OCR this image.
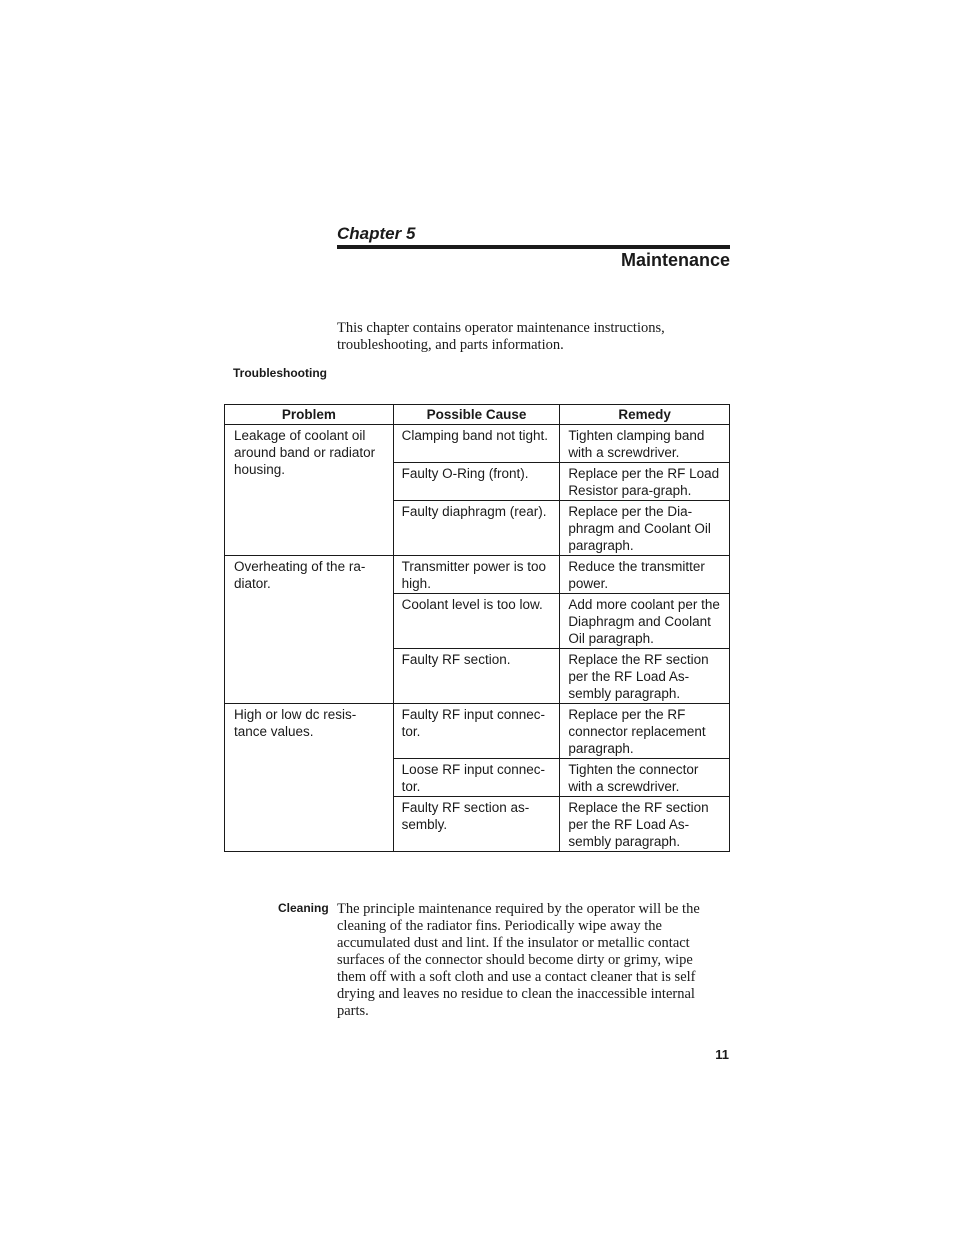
Chapter 5
Maintenance
This chapter contains operator maintenance instructions,
troubleshooting, and parts information.
Troubleshooting
Problem	Possible Cause	Remedy
Leakage of coolant oil around band or radiator housing.	Clamping band not tight.	Tighten clamping band with a screwdriver.
	Faulty O-Ring (front).	Replace per the RF Load Resistor para-graph.
	Faulty diaphragm (rear).	Replace per the Dia-phragm and Coolant Oil paragraph.
Overheating of the ra-diator.	Transmitter power is too high.	Reduce the transmitter power.
	Coolant level is too low.	Add more coolant per the Diaphragm and Coolant Oil paragraph.
	Faulty RF section.	Replace the RF section per the RF Load As-sembly paragraph.
High or low dc resis-tance values.	Faulty RF input connec-tor.	Replace per the RF connector replacement paragraph.
	Loose RF input connec-tor.	Tighten the connector with a screwdriver.
	Faulty RF section as-sembly.	Replace the RF section per the RF Load As-sembly paragraph.
Cleaning The principle maintenance required by the operator will be the cleaning of the radiator fins. Periodically wipe away the accumulated dust and lint. If the insulator or metallic contact surfaces of the connector should become dirty or grimy, wipe them off with a soft cloth and use a contact cleaner that is self drying and leaves no residue to clean the inaccessible internal parts.
11
